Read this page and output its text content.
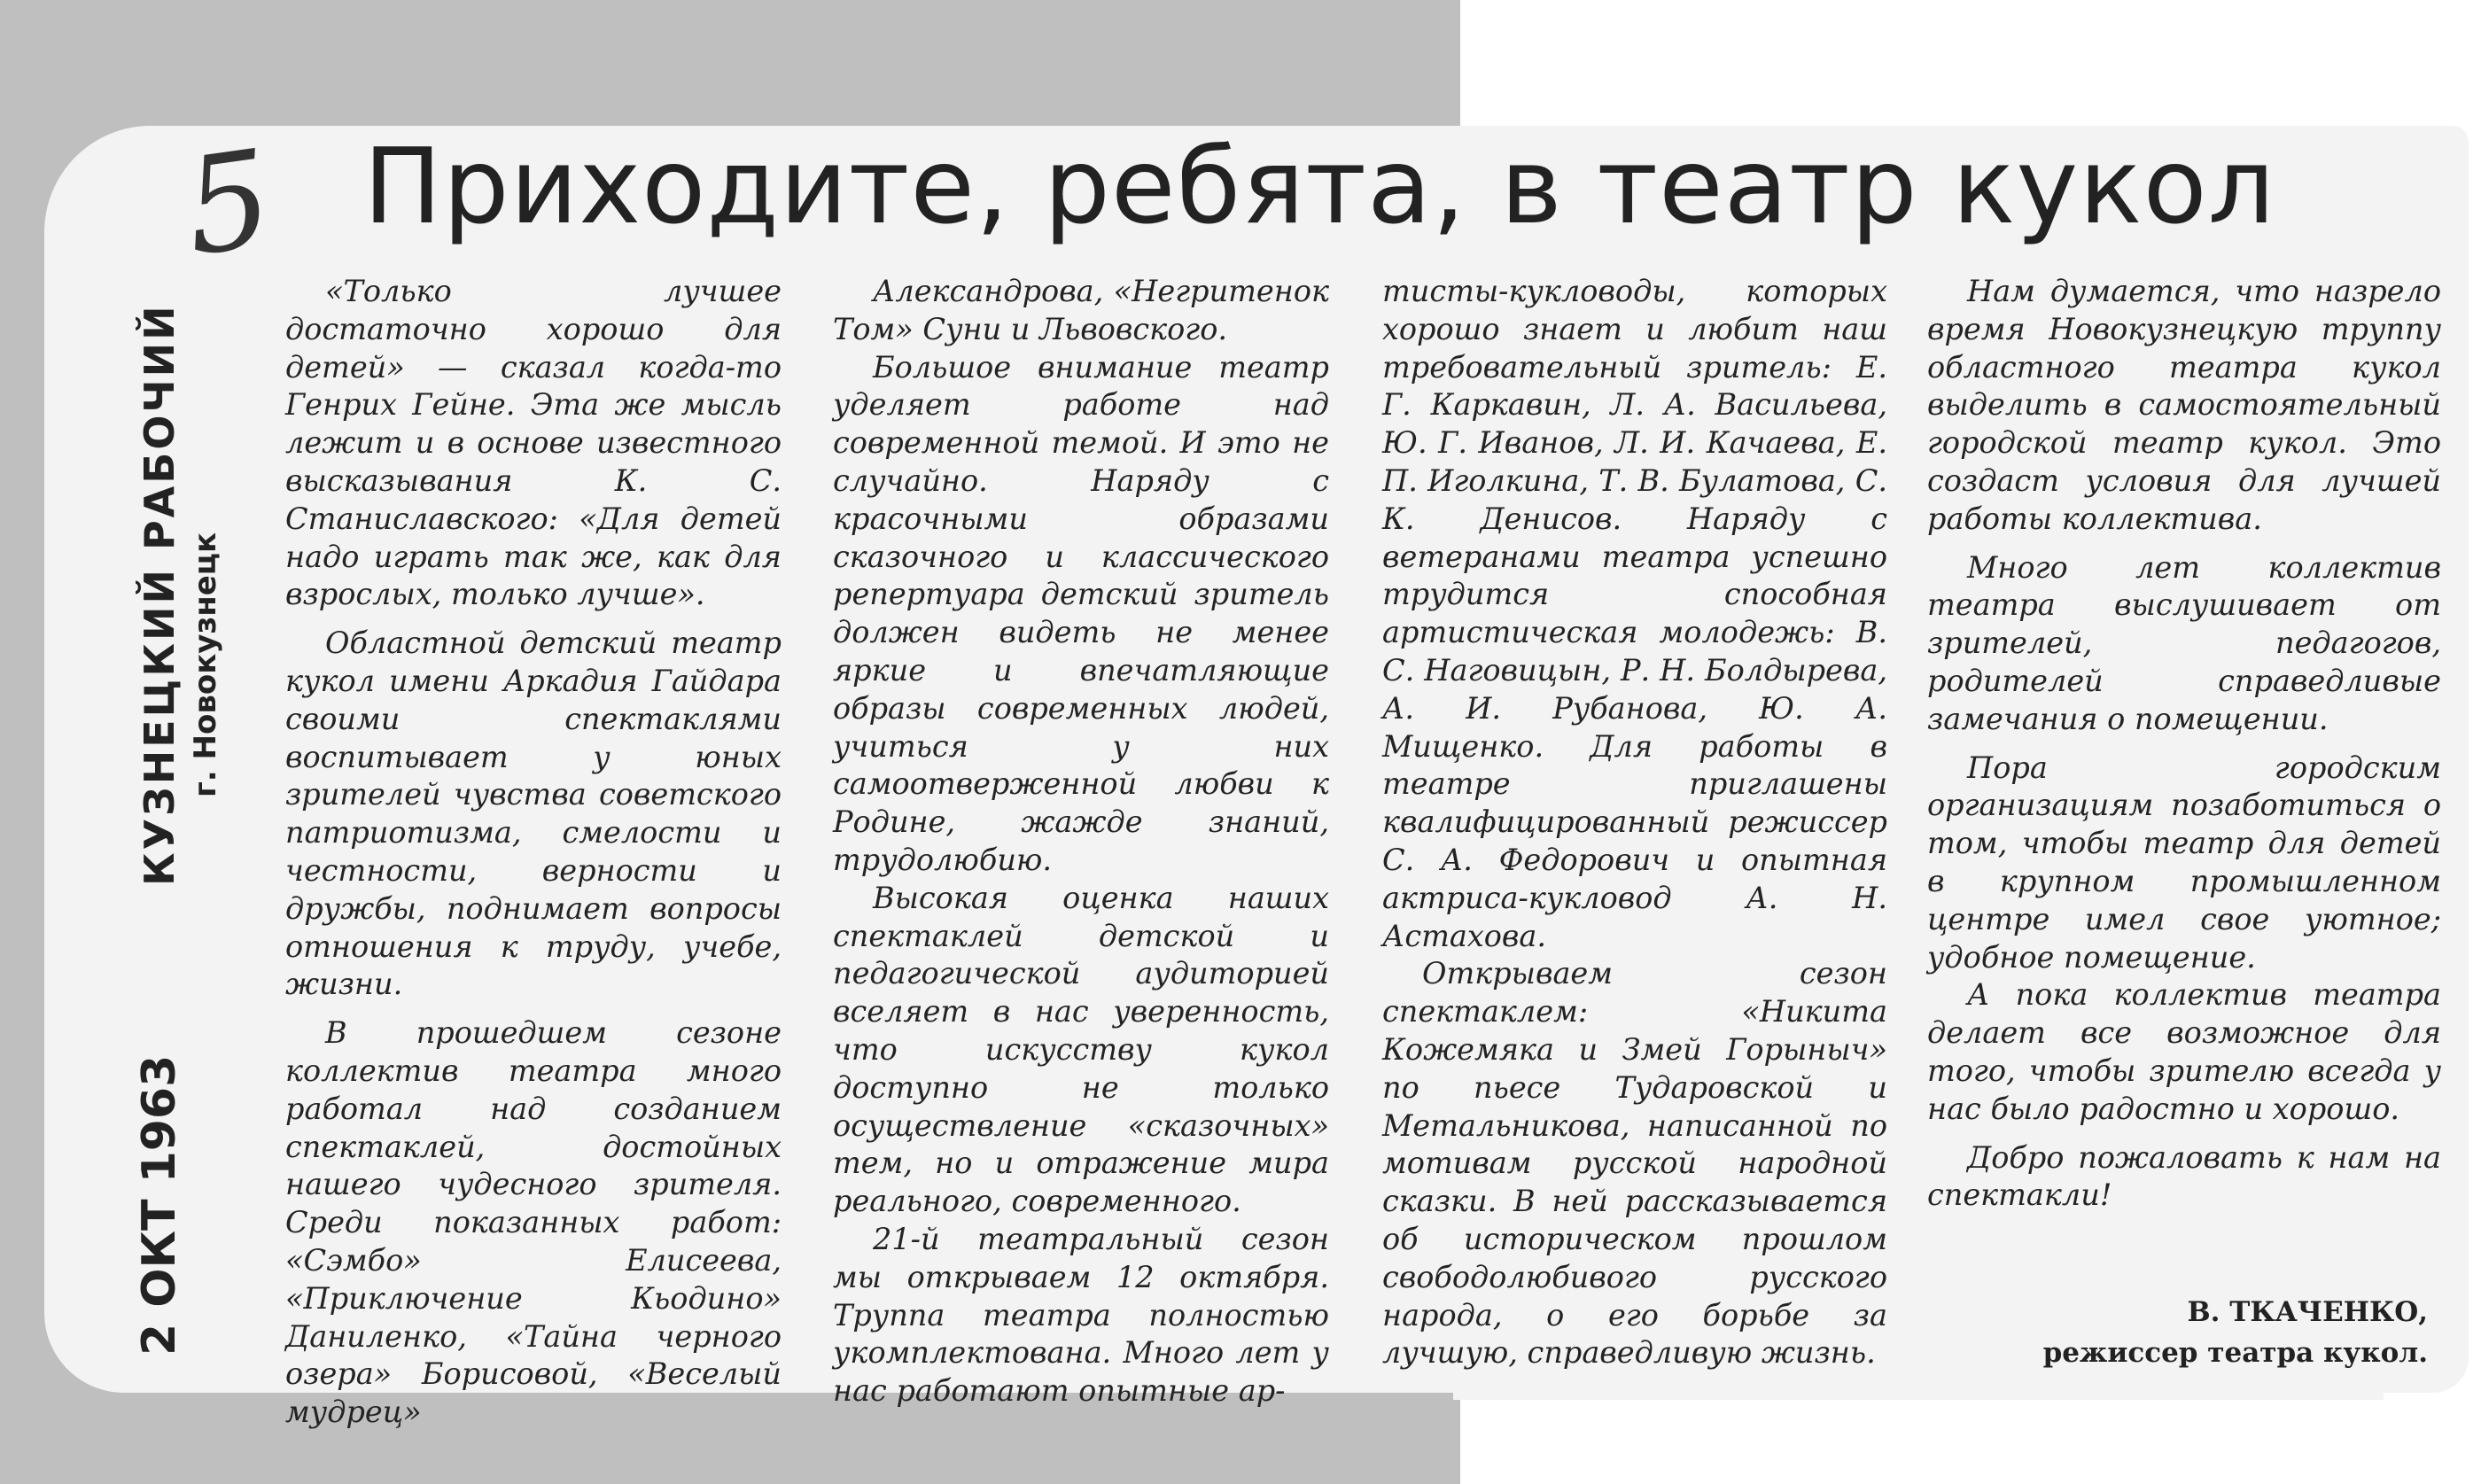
5 Приходите, ребята, в театр кукол
2 ОКТ 1963
КУЗНЕЦКИЙ РАБОЧИЙ г. Новокузнецк

«Только лучшее достаточно хорошо для детей» — сказал когда-то Генрих Гейне. Эта же мысль лежит и в основе известного высказывания К. С. Станиславского: «Для детей надо играть так же, как для взрослых, только лучше».

Областной детский театр кукол имени Аркадия Гайдара своими спектаклями воспитывает у юных зрителей чувства советского патриотизма, смелости и честности, верности и дружбы, поднимает вопросы отношения к труду, учебе, жизни.

В прошедшем сезоне коллектив театра много работал над созданием спектаклей, достойных нашего чудесного зрителя. Среди показанных работ: «Сэмбо» Елисеева, «Приключение Кьодино» Даниленко, «Тайна черного озера» Борисовой, «Веселый мудрец»

Александрова, «Негритенок Том» Суни и Львовского.

Большое внимание театр уделяет работе над современной темой. И это не случайно. Наряду с красочными образами сказочного и классического репертуара детский зритель должен видеть не менее яркие и впечатляющие образы современных людей, учиться у них самоотверженной любви к Родине, жажде знаний, трудолюбию.

Высокая оценка наших спектаклей детской и педагогической аудиторией вселяет в нас уверенность, что искусству кукол доступно не только осуществление «сказочных» тем, но и отражение мира реального, современного.

21-й театральный сезон мы открываем 12 октября. Труппа театра полностью укомплектована. Много лет у нас работают опытные ар-

тисты-кукловоды, которых хорошо знает и любит наш требовательный зритель: Е. Г. Каркавин, Л. А. Васильева, Ю. Г. Иванов, Л. И. Качаева, Е. П. Иголкина, Т. В. Булатова, С. К. Денисов. Наряду с ветеранами театра успешно трудится способная артистическая молодежь: В. С. Наговицын, Р. Н. Болдырева, А. И. Рубанова, Ю. А. Мищенко. Для работы в театре приглашены квалифицированный режиссер С. А. Федорович и опытная актриса-кукловод А. Н. Астахова.

Открываем сезон спектаклем: «Никита Кожемяка и Змей Горыныч» по пьесе Тударовской и Метальникова, написанной по мотивам русской народной сказки. В ней рассказывается об историческом прошлом свободолюбивого русского народа, о его борьбе за лучшую, справедливую жизнь.

Нам думается, что назрело время Новокузнецкую труппу областного театра кукол выделить в самостоятельный городской театр кукол. Это создаст условия для лучшей работы коллектива.

Много лет коллектив театра выслушивает от зрителей, педагогов, родителей справедливые замечания о помещении.

Пора городским организациям позаботиться о том, чтобы театр для детей в крупном промышленном центре имел свое уютное; удобное помещение.

А пока коллектив театра делает все возможное для того, чтобы зрителю всегда у нас было радостно и хорошо.

Добро пожаловать к нам на спектакли!

В. ТКАЧЕНКО,
режиссер театра кукол.
